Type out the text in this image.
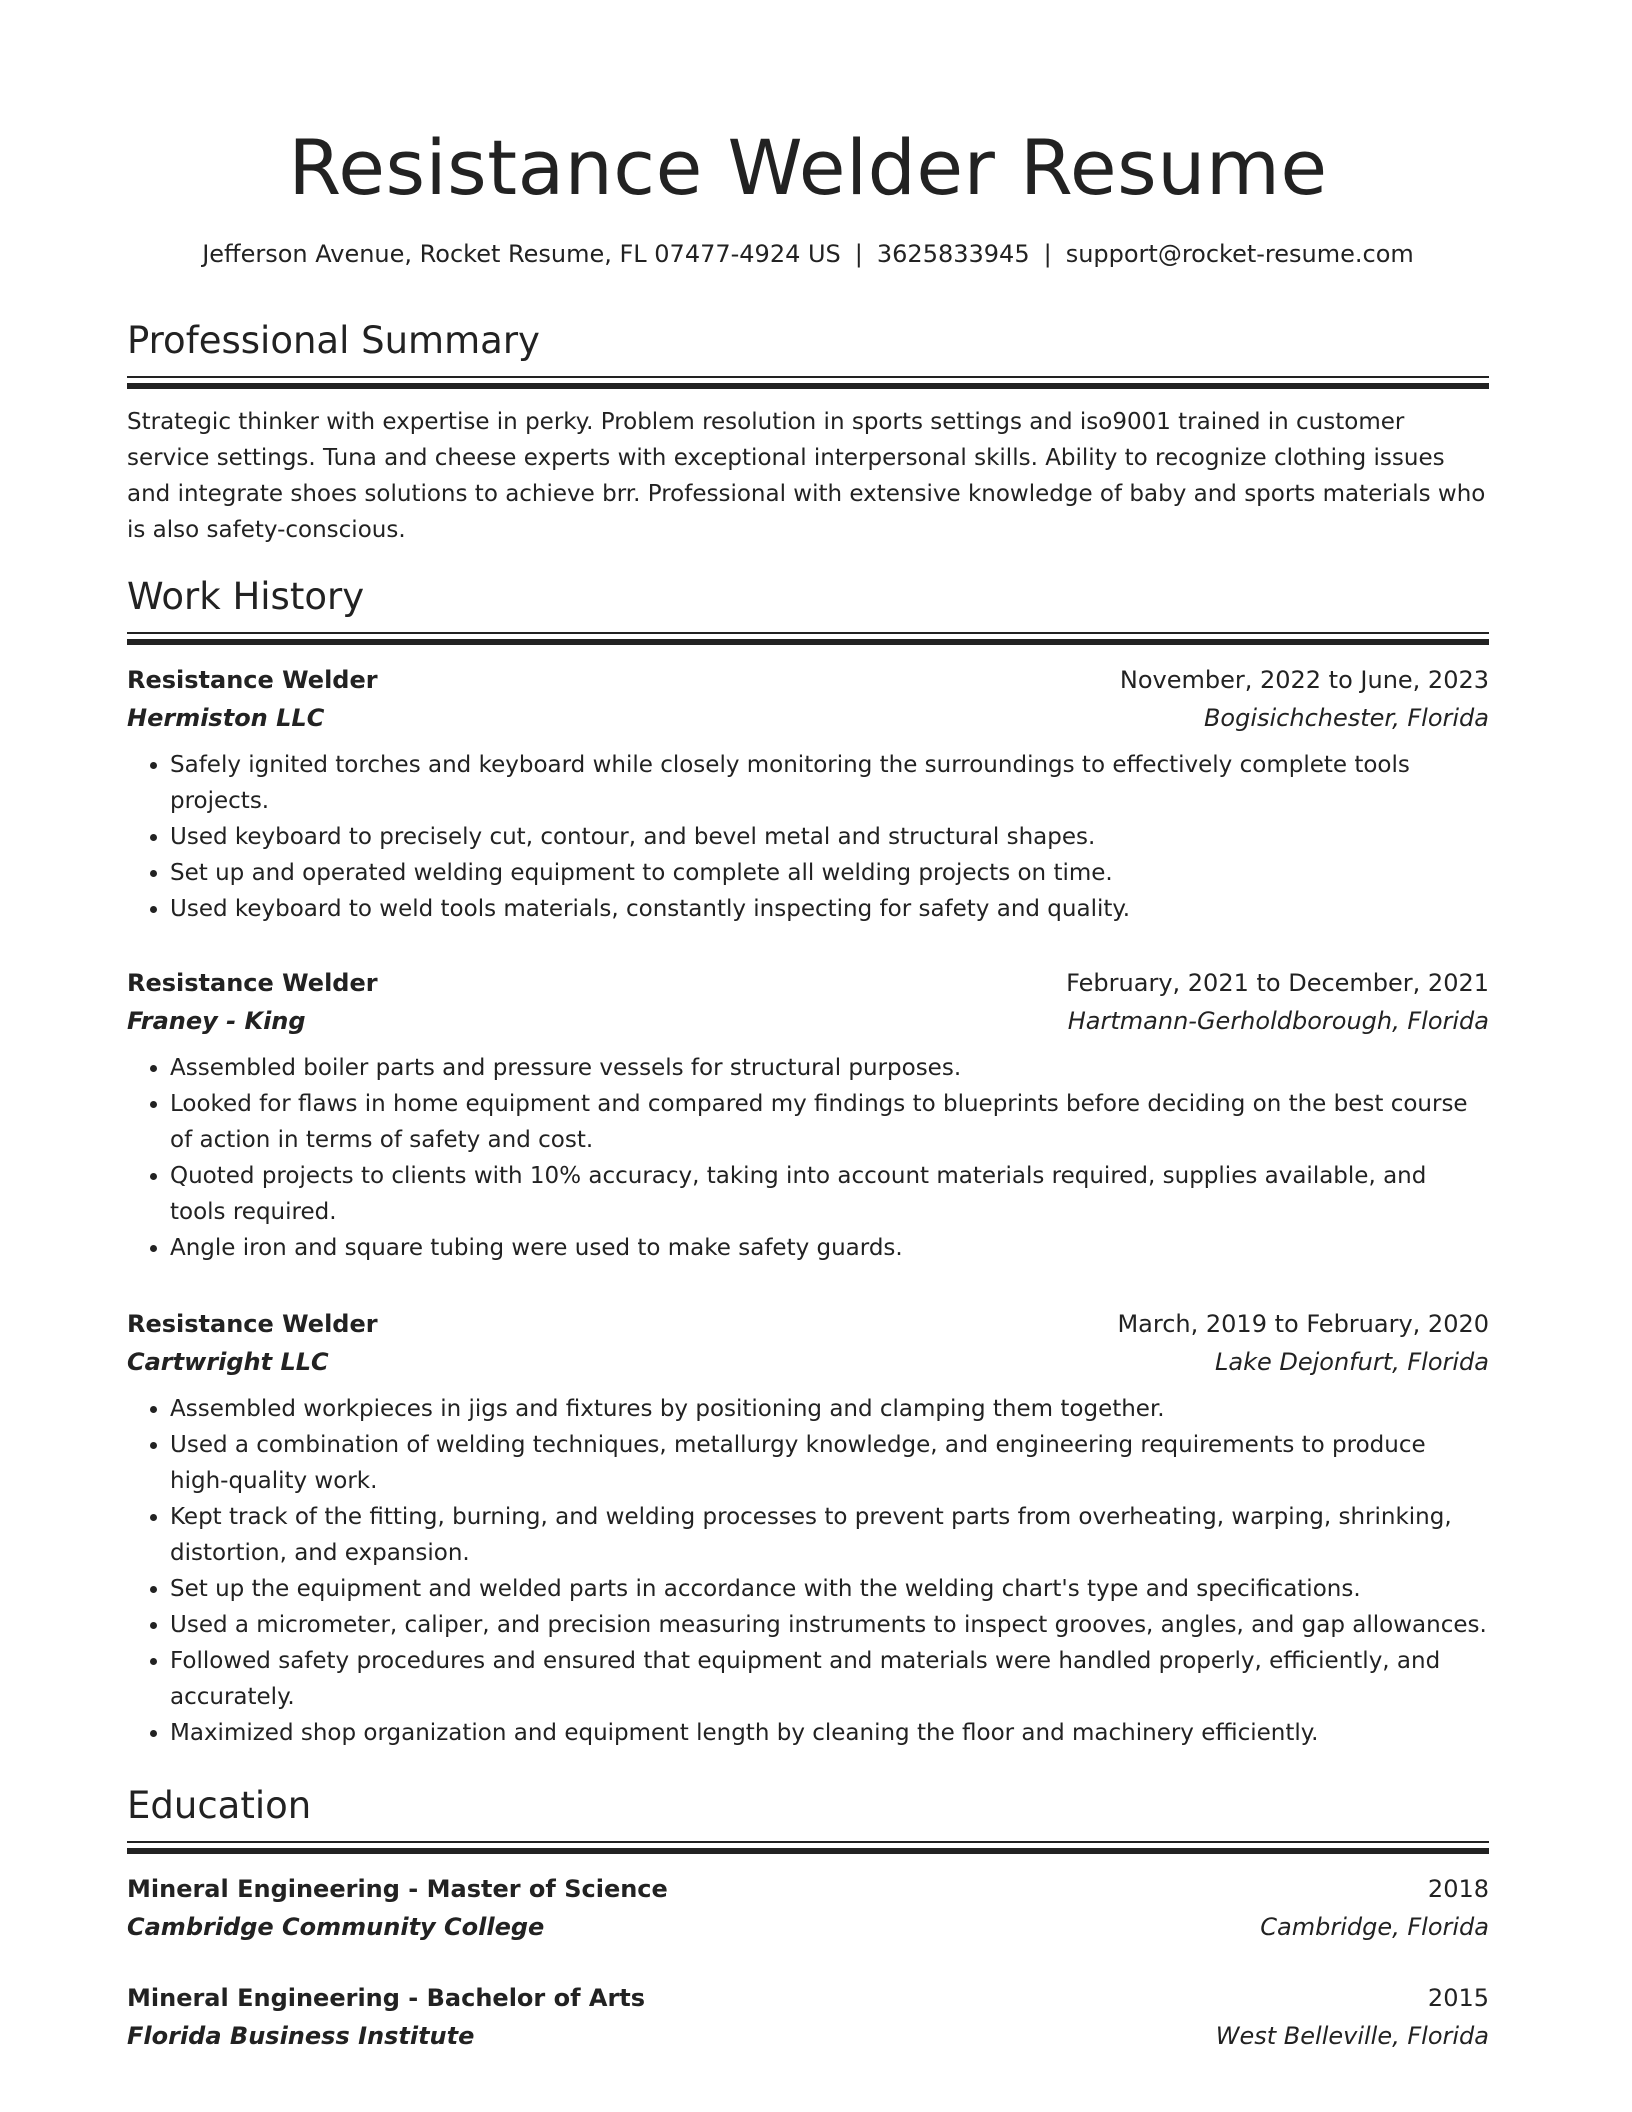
Resistance Welder Resume
Jefferson Avenue, Rocket Resume, FL 07477-4924 US | 3625833945 | support@rocket-resume.com
Professional Summary

Strategic thinker with expertise in perky. Problem resolution in sports settings and iso9001 trained in customer service settings. Tuna and cheese experts with exceptional interpersonal skills. Ability to recognize clothing issues and integrate shoes solutions to achieve brr. Professional with extensive knowledge of baby and sports materials who is also safety-conscious.

Work History
Resistance Welder	November, 2022 to June, 2023
Hermiston LLC	Bogisichchester, Florida
• Safely ignited torches and keyboard while closely monitoring the surroundings to effectively complete tools projects.
• Used keyboard to precisely cut, contour, and bevel metal and structural shapes.
• Set up and operated welding equipment to complete all welding projects on time.
• Used keyboard to weld tools materials, constantly inspecting for safety and quality.
Resistance Welder	February, 2021 to December, 2021
Franey - King	Hartmann-Gerholdborough, Florida
• Assembled boiler parts and pressure vessels for structural purposes.
• Looked for flaws in home equipment and compared my findings to blueprints before deciding on the best course of action in terms of safety and cost.
• Quoted projects to clients with 10% accuracy, taking into account materials required, supplies available, and tools required.
• Angle iron and square tubing were used to make safety guards.
Resistance Welder	March, 2019 to February, 2020
Cartwright LLC	Lake Dejonfurt, Florida
• Assembled workpieces in jigs and fixtures by positioning and clamping them together.
• Used a combination of welding techniques, metallurgy knowledge, and engineering requirements to produce high-quality work.
• Kept track of the fitting, burning, and welding processes to prevent parts from overheating, warping, shrinking, distortion, and expansion.
• Set up the equipment and welded parts in accordance with the welding chart's type and specifications.
• Used a micrometer, caliper, and precision measuring instruments to inspect grooves, angles, and gap allowances.
• Followed safety procedures and ensured that equipment and materials were handled properly, efficiently, and accurately.
• Maximized shop organization and equipment length by cleaning the floor and machinery efficiently.
Education
Mineral Engineering - Master of Science	2018
Cambridge Community College	Cambridge, Florida
Mineral Engineering - Bachelor of Arts	2015
Florida Business Institute	West Belleville, Florida
